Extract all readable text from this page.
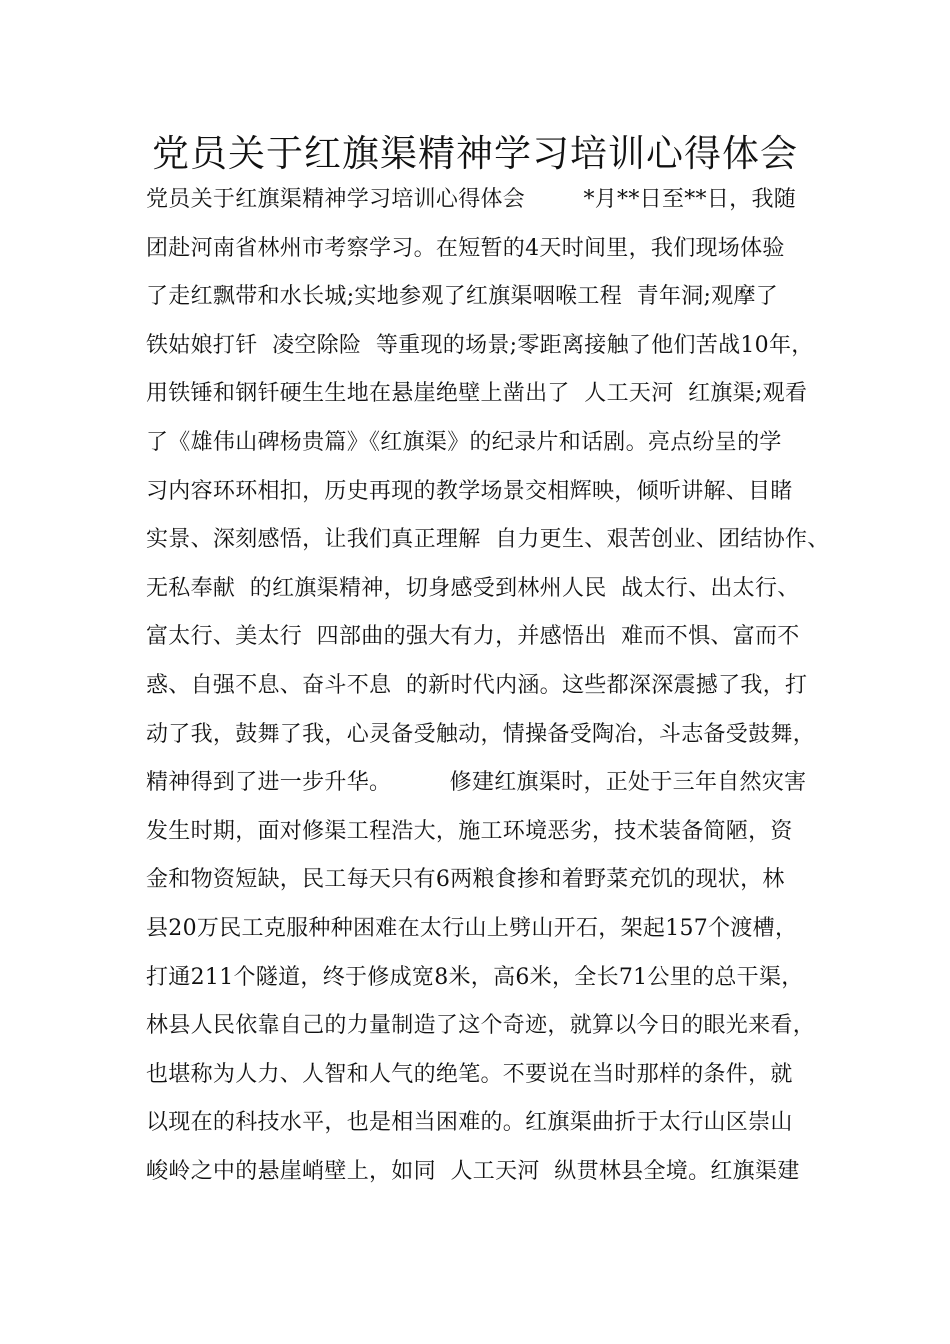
党员关于红旗渠精神学习培训心得体会
党员关于红旗渠精神学习培训心得体会        *月**日至**日，我随
团赴河南省林州市考察学习。在短暂的4天时间里，我们现场体验
了走红飘带和水长城;实地参观了红旗渠咽喉工程  青年洞;观摩了
铁姑娘打钎  凌空除险  等重现的场景;零距离接触了他们苦战10年，
用铁锤和钢钎硬生生地在悬崖绝壁上凿出了  人工天河  红旗渠;观看
了《雄伟山碑杨贵篇》《红旗渠》的纪录片和话剧。亮点纷呈的学
习内容环环相扣，历史再现的教学场景交相辉映，倾听讲解、目睹
实景、深刻感悟，让我们真正理解  自力更生、艰苦创业、团结协作、
无私奉献  的红旗渠精神，切身感受到林州人民  战太行、出太行、
富太行、美太行  四部曲的强大有力，并感悟出  难而不惧、富而不
惑、自强不息、奋斗不息  的新时代内涵。这些都深深震撼了我，打
动了我，鼓舞了我，心灵备受触动，情操备受陶冶，斗志备受鼓舞，
精神得到了进一步升华。        修建红旗渠时，正处于三年自然灾害
发生时期，面对修渠工程浩大，施工环境恶劣，技术装备简陋，资
金和物资短缺，民工每天只有6两粮食掺和着野菜充饥的现状，林
县20万民工克服种种困难在太行山上劈山开石，架起157个渡槽，
打通211个隧道，终于修成宽8米，高6米，全长71公里的总干渠，
林县人民依靠自己的力量制造了这个奇迹，就算以今日的眼光来看，
也堪称为人力、人智和人气的绝笔。不要说在当时那样的条件，就
以现在的科技水平，也是相当困难的。红旗渠曲折于太行山区崇山
峻岭之中的悬崖峭壁上，如同  人工天河  纵贯林县全境。红旗渠建
